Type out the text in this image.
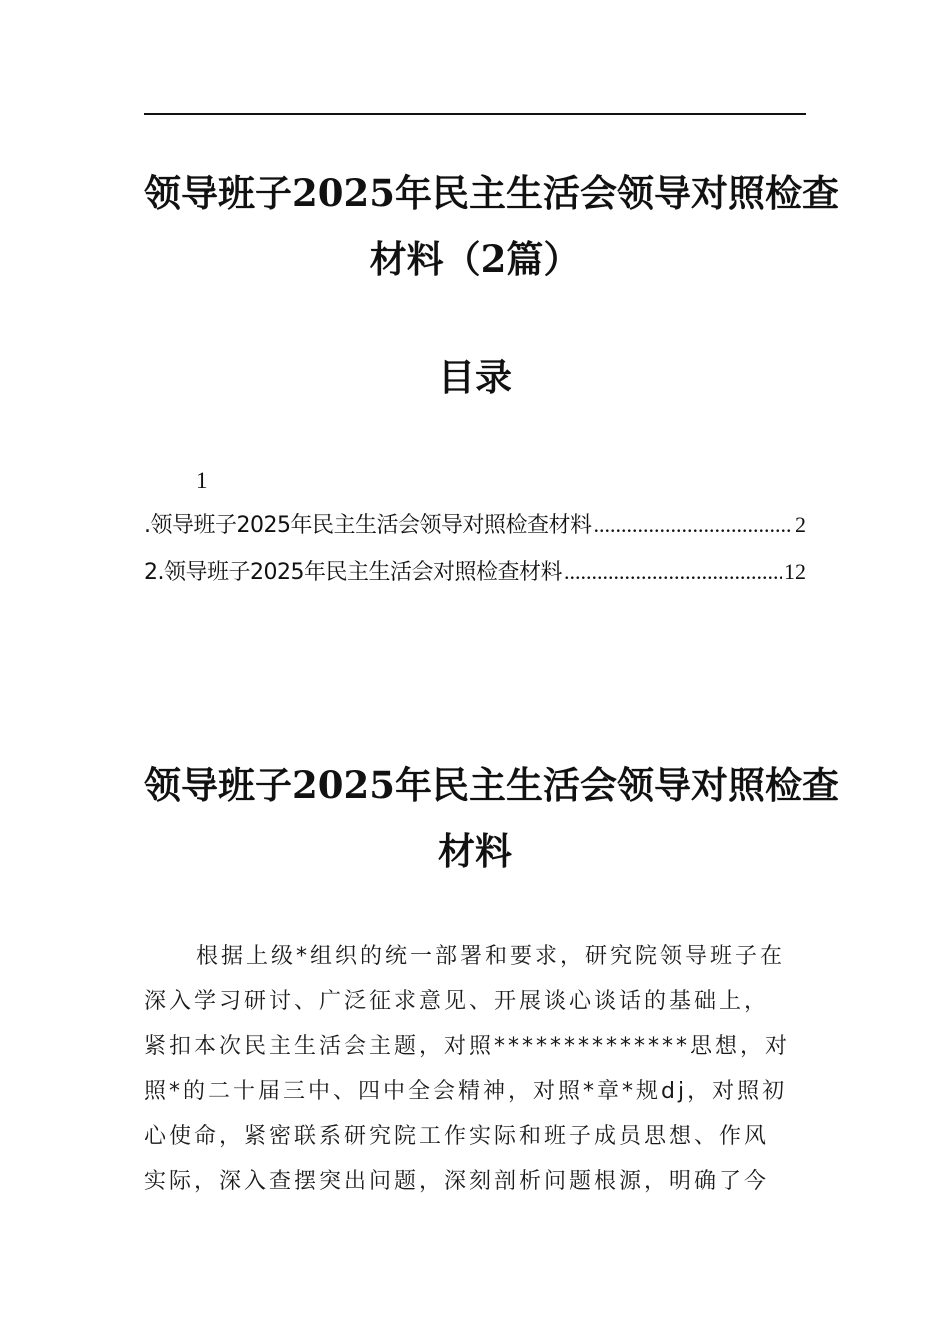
领导班子2025年民主生活会领导对照检查
材料（2篇）
目录
1
.领导班子2025年民主生活会领导对照检查材料 .....	2
2.领导班子2025年民主生活会对照检查材料 .....	12
领导班子2025年民主生活会领导对照检查
材料
根据上级*组织的统一部署和要求，研究院领导班子在
深入学习研讨、广泛征求意见、开展谈心谈话的基础上，
紧扣本次民主生活会主题，对照**************思想，对
照*的二十届三中、四中全会精神，对照*章*规dj，对照初
心使命，紧密联系研究院工作实际和班子成员思想、作风
实际，深入查摆突出问题，深刻剖析问题根源，明确了今
